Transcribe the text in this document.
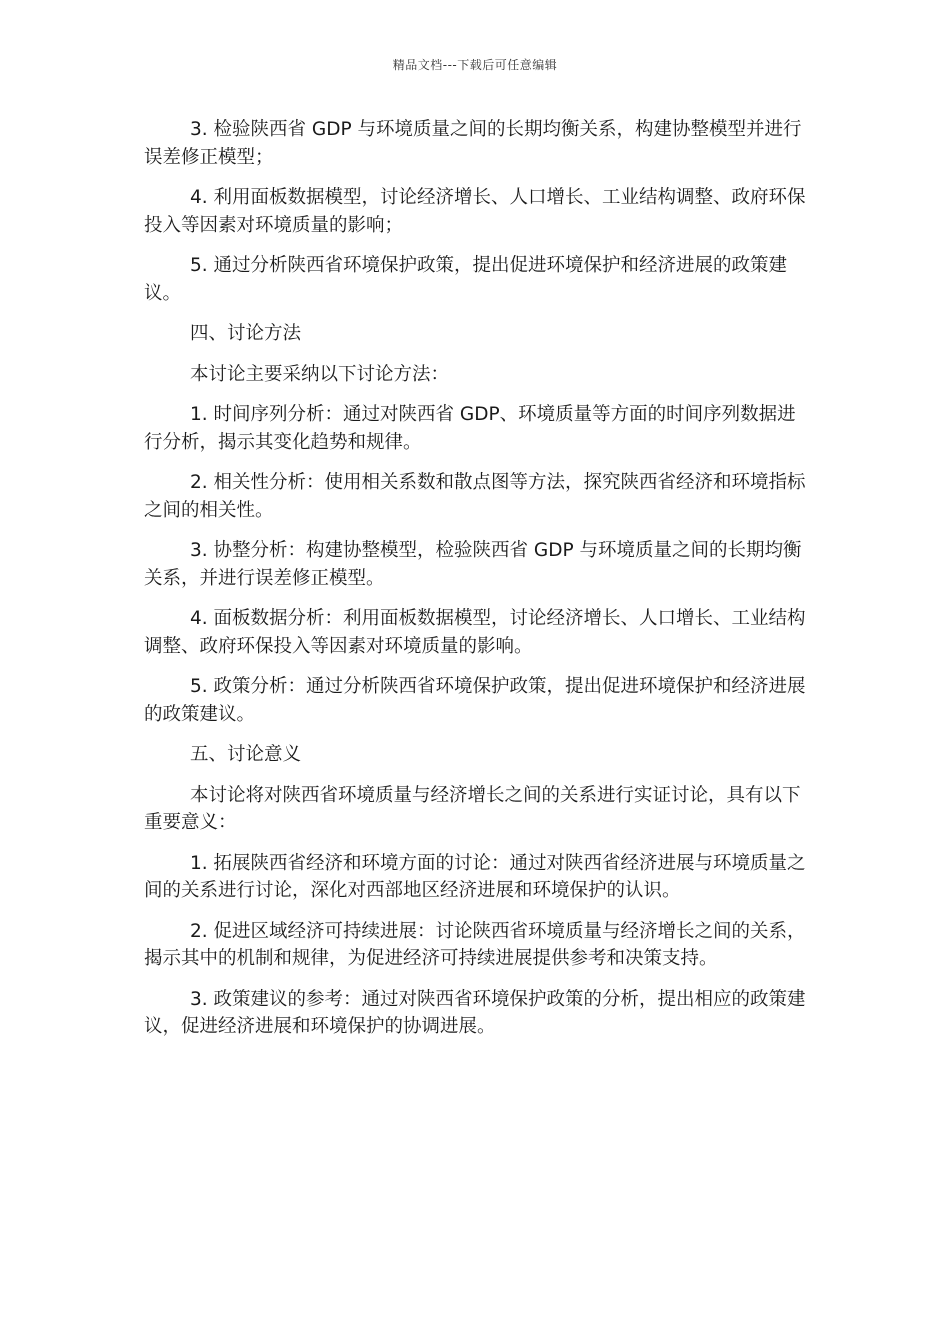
精品文档---下载后可任意编辑

3. 检验陕西省 GDP 与环境质量之间的长期均衡关系，构建协整模型并进行误差修正模型；

4. 利用面板数据模型，讨论经济增长、人口增长、工业结构调整、政府环保投入等因素对环境质量的影响；

5. 通过分析陕西省环境保护政策，提出促进环境保护和经济进展的政策建议。

四、讨论方法

本讨论主要采纳以下讨论方法：

1. 时间序列分析：通过对陕西省 GDP、环境质量等方面的时间序列数据进行分析，揭示其变化趋势和规律。

2. 相关性分析：使用相关系数和散点图等方法，探究陕西省经济和环境指标之间的相关性。

3. 协整分析：构建协整模型，检验陕西省 GDP 与环境质量之间的长期均衡关系，并进行误差修正模型。

4. 面板数据分析：利用面板数据模型，讨论经济增长、人口增长、工业结构调整、政府环保投入等因素对环境质量的影响。

5. 政策分析：通过分析陕西省环境保护政策，提出促进环境保护和经济进展的政策建议。

五、讨论意义

本讨论将对陕西省环境质量与经济增长之间的关系进行实证讨论，具有以下重要意义：

1. 拓展陕西省经济和环境方面的讨论：通过对陕西省经济进展与环境质量之间的关系进行讨论，深化对西部地区经济进展和环境保护的认识。

2. 促进区域经济可持续进展：讨论陕西省环境质量与经济增长之间的关系，揭示其中的机制和规律，为促进经济可持续进展提供参考和决策支持。

3. 政策建议的参考：通过对陕西省环境保护政策的分析，提出相应的政策建议，促进经济进展和环境保护的协调进展。
